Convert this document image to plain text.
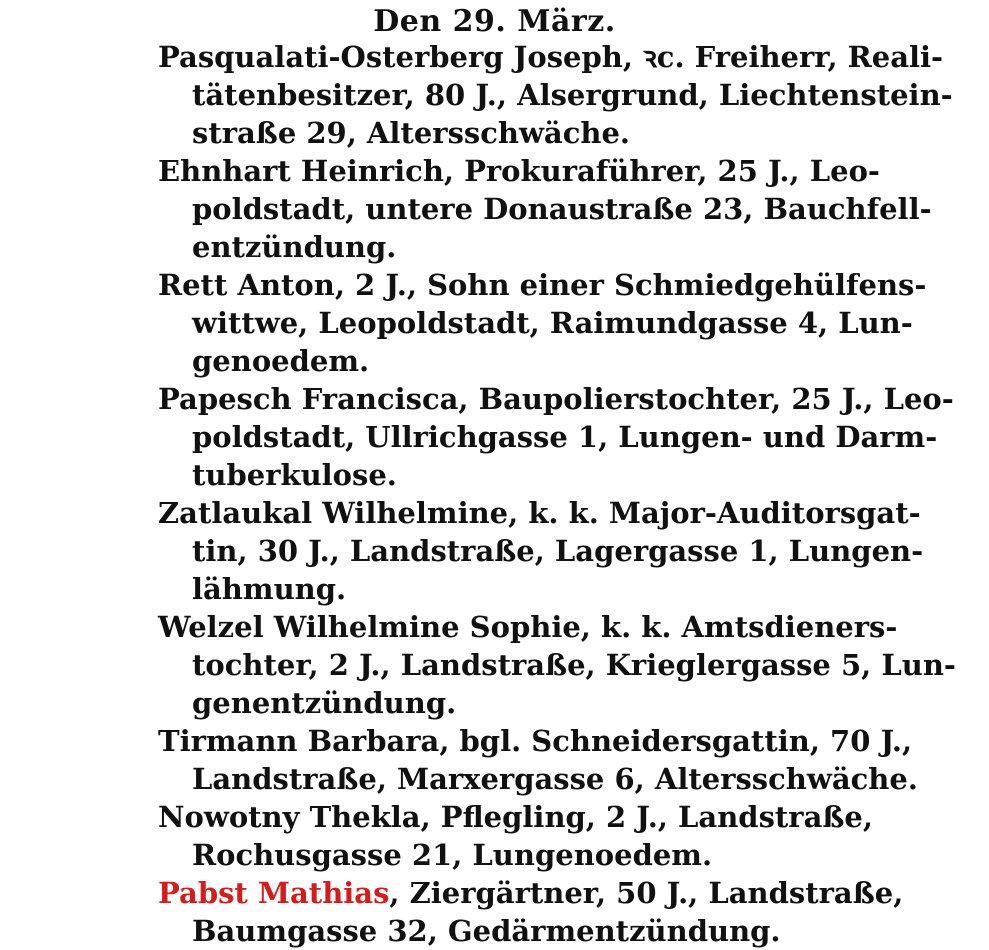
Den 29. März.
Pasqualati-Osterberg Joseph, ꝛc. Freiherr, Reali-
tätenbesitzer, 80 J., Alsergrund, Liechtenstein-
straße 29, Altersschwäche.
Ehnhart Heinrich, Prokuraführer, 25 J., Leo-
poldstadt, untere Donaustraße 23, Bauchfell-
entzündung.
Rett Anton, 2 J., Sohn einer Schmiedgehülfens-
wittwe, Leopoldstadt, Raimundgasse 4, Lun-
genoedem.
Papesch Francisca, Baupolierstochter, 25 J., Leo-
poldstadt, Ullrichgasse 1, Lungen- und Darm-
tuberkulose.
Zatlaukal Wilhelmine, k. k. Major-Auditorsgat-
tin, 30 J., Landstraße, Lagergasse 1, Lungen-
lähmung.
Welzel Wilhelmine Sophie, k. k. Amtsdieners-
tochter, 2 J., Landstraße, Krieglergasse 5, Lun-
genentzündung.
Tirmann Barbara, bgl. Schneidersgattin, 70 J.,
Landstraße, Marxergasse 6, Altersschwäche.
Nowotny Thekla, Pflegling, 2 J., Landstraße,
Rochusgasse 21, Lungenoedem.
Pabst Mathias, Ziergärtner, 50 J., Landstraße,
Baumgasse 32, Gedärmentzündung.
